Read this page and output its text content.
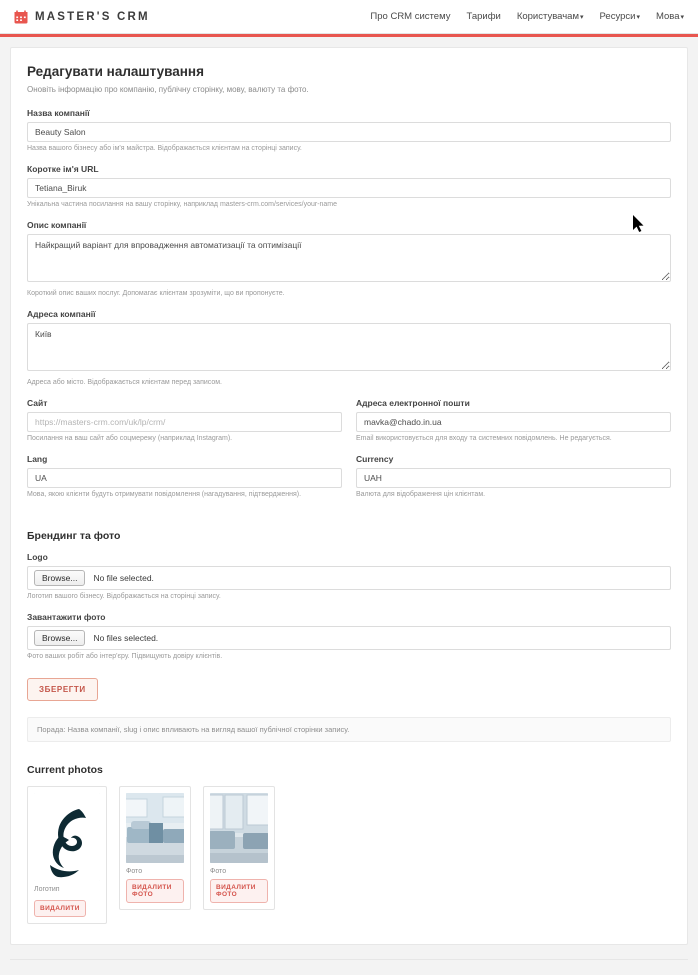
MASTER'S CRM	Про CRM систему Тарифи Користувачам▾ Ресурси▾ Мова▾
Редагувати налаштування

Оновіть інформацію про компанію, публічну сторінку, мову, валюту та фото.

Назва компанії
Beauty Salon
Назва вашого бізнесу або ім'я майстра. Відображається клієнтам на сторінці запису.
Коротке ім'я URL
Tetiana_Biruk
Унікальна частина посилання на вашу сторінку, наприклад masters-crm.com/services/your-name
Опис компанії
Найкращий варіант для впровадження автоматизації та оптимізації
Короткий опис ваших послуг. Допомагає клієнтам зрозуміти, що ви пропонуєте.
Адреса компанії
Київ
Адреса або місто. Відображається клієнтам перед записом.
Сайт
https://masters-crm.com/uk/lp/crm/
Посилання на ваш сайт або соцмережу (наприклад Instagram).
Адреса електронної пошти
mavka@chado.in.ua
Email використовується для входу та системних повідомлень. Не редагується.
Lang
UA
Мова, якою клієнти будуть отримувати повідомлення (нагадування, підтвердження).
Currency
UAH
Валюта для відображення цін клієнтам.
Брендинг та фото
Logo
Browse...	No file selected.
Логотип вашого бізнесу. Відображається на сторінці запису.
Завантажити фото
Browse...	No files selected.
Фото ваших робіт або інтер'єру. Підвищують довіру клієнтів.
ЗБЕРЕГТИ
Порада: Назва компанії, slug і опис впливають на вигляд вашої публічної сторінки запису.
Current photos
Логотип
ВИДАЛИТИ
Фото
ВИДАЛИТИ ФОТО
Фото
ВИДАЛИТИ ФОТО
